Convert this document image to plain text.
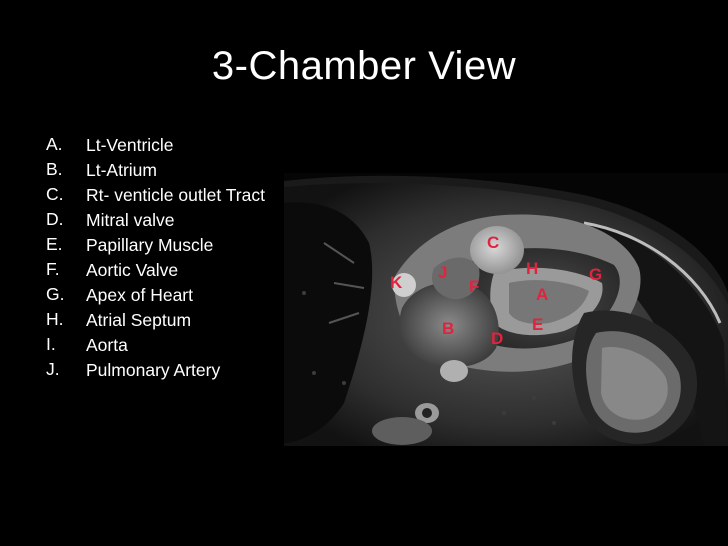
3-Chamber View
A.	Lt-Ventricle
B.	Lt-Atrium
C.	Rt- venticle outlet Tract
D.	Mitral valve
E.	Papillary Muscle
F.	Aortic Valve
G.	Apex of Heart
H.	Atrial Septum
I.	Aorta
J.	Pulmonary Artery
C
J	H	G
K	F	A
B	E
D
